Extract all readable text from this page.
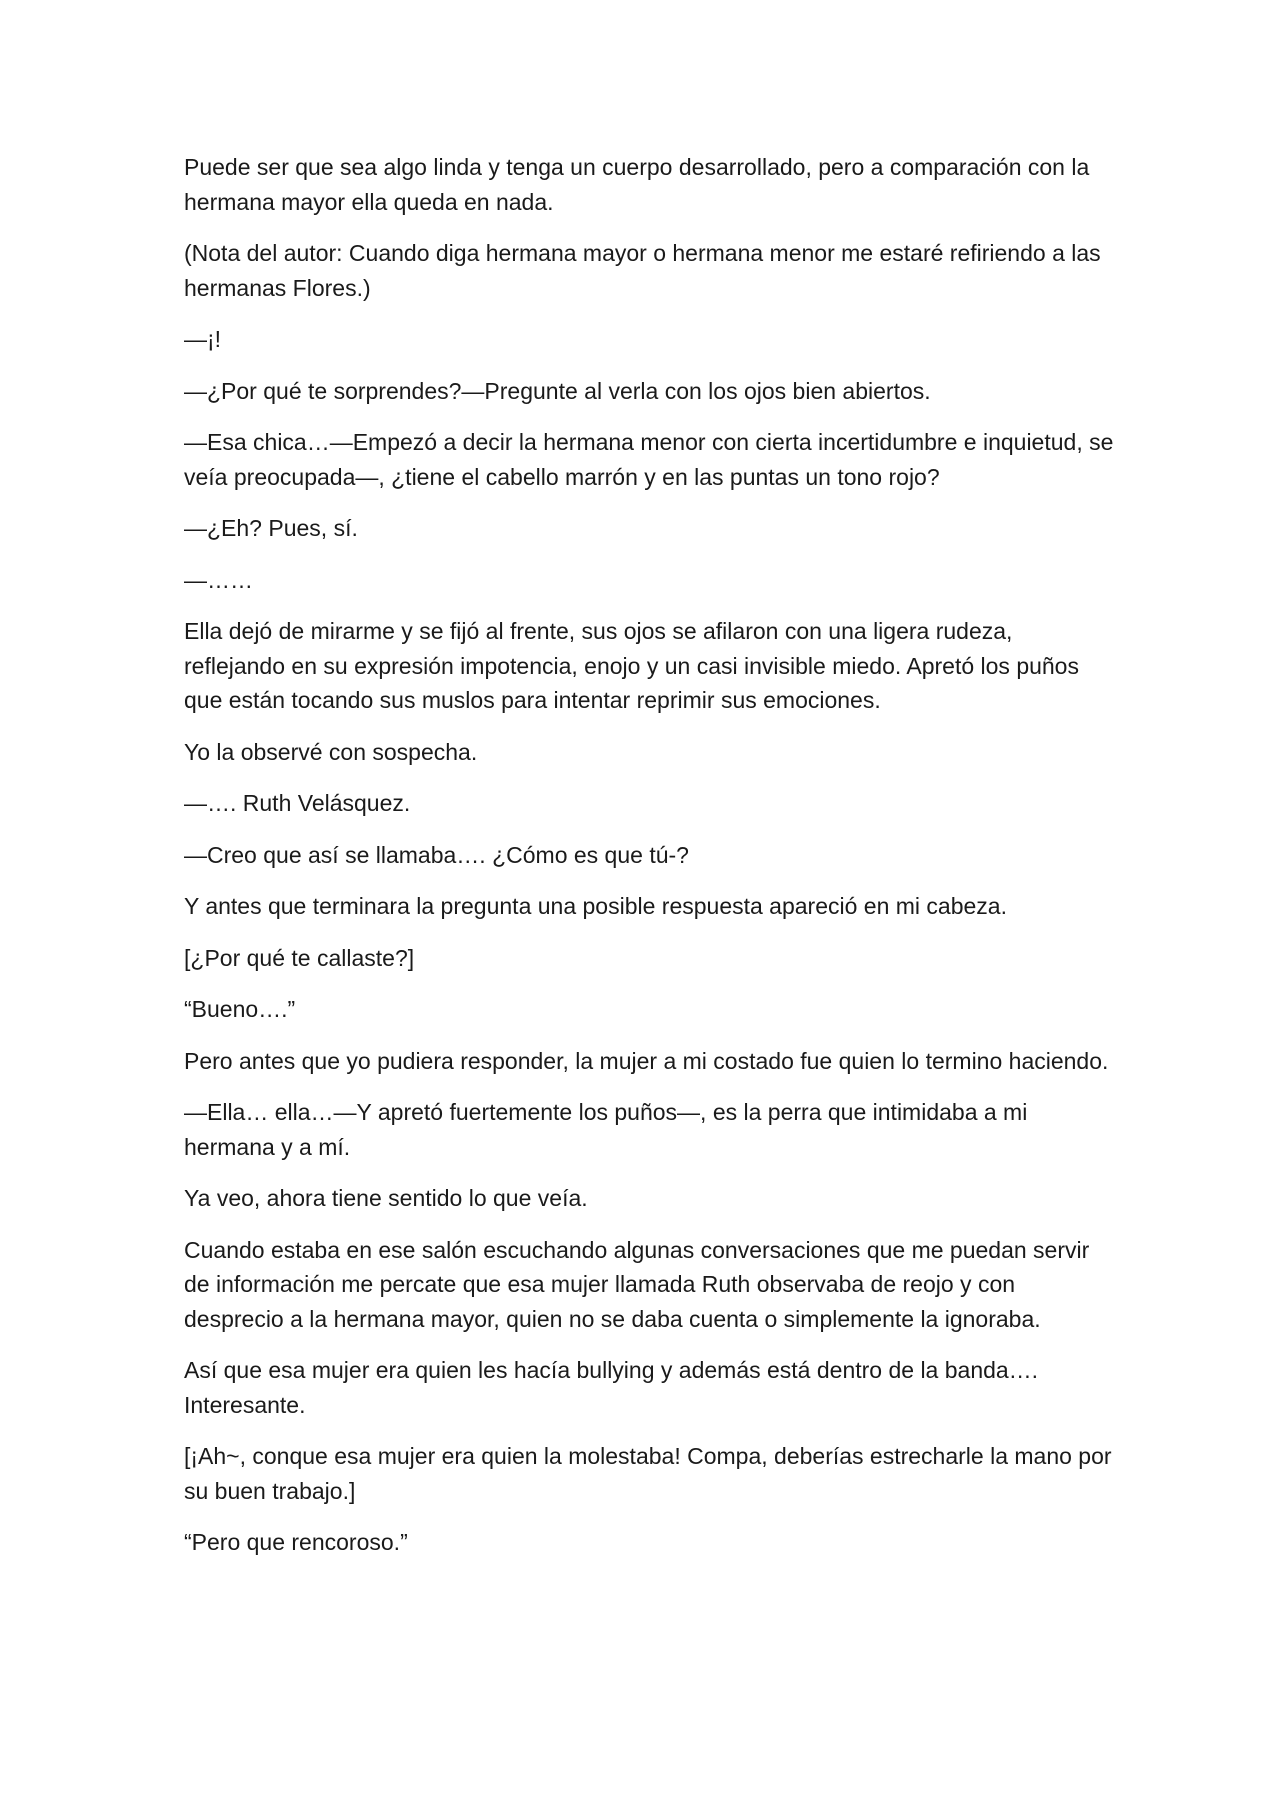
Puede ser que sea algo linda y tenga un cuerpo desarrollado, pero a comparación con la hermana mayor ella queda en nada.

(Nota del autor: Cuando diga hermana mayor o hermana menor me estaré refiriendo a las hermanas Flores.)

—¡!

—¿Por qué te sorprendes?—Pregunte al verla con los ojos bien abiertos.

—Esa chica…—Empezó a decir la hermana menor con cierta incertidumbre e inquietud, se veía preocupada—, ¿tiene el cabello marrón y en las puntas un tono rojo?

—¿Eh? Pues, sí.

—……

Ella dejó de mirarme y se fijó al frente, sus ojos se afilaron con una ligera rudeza, reflejando en su expresión impotencia, enojo y un casi invisible miedo. Apretó los puños que están tocando sus muslos para intentar reprimir sus emociones.

Yo la observé con sospecha.

—…. Ruth Velásquez.

—Creo que así se llamaba…. ¿Cómo es que tú-?

Y antes que terminara la pregunta una posible respuesta apareció en mi cabeza.

[¿Por qué te callaste?]

“Bueno….”

Pero antes que yo pudiera responder, la mujer a mi costado fue quien lo termino haciendo.

—Ella… ella…—Y apretó fuertemente los puños—, es la perra que intimidaba a mi hermana y a mí.

Ya veo, ahora tiene sentido lo que veía.

Cuando estaba en ese salón escuchando algunas conversaciones que me puedan servir de información me percate que esa mujer llamada Ruth observaba de reojo y con desprecio a la hermana mayor, quien no se daba cuenta o simplemente la ignoraba.

Así que esa mujer era quien les hacía bullying y además está dentro de la banda…. Interesante.

[¡Ah~, conque esa mujer era quien la molestaba! Compa, deberías estrecharle la mano por su buen trabajo.]

“Pero que rencoroso.”
